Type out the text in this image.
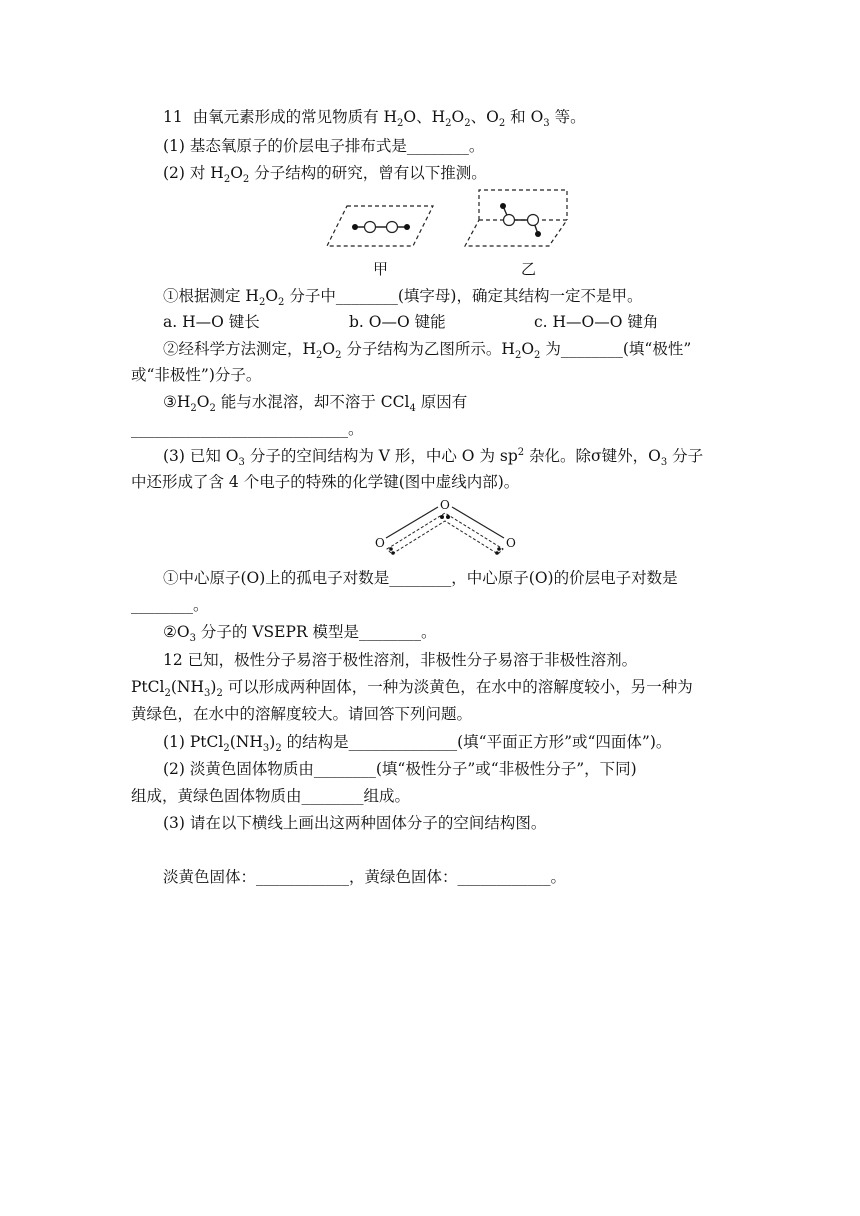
11 由氧元素形成的常见物质有 $H_2O$、$H_2O_2$、$O_2$ 和 $O_3$ 等。
(1) 基态氧原子的价层电子排布式是________。
(2) 对 $H_2O_2$ 分子结构的研究，曾有以下推测。
甲	乙
①根据测定 $H_2O_2$ 分子中________(填字母)，确定其结构一定不是甲。
a. H—O 键长	b. O—O 键能	c. H—O—O 键角
②经科学方法测定，$H_2O_2$ 分子结构为乙图所示。$H_2O_2$ 为________(填“极性”
或“非极性”)分子。
$③H_2O_2$ 能与水混溶，却不溶于 CCl$_4$ 原因有
____________________________。
(3) 已知 $O_3$ 分子的空间结构为 V 形，中心 O 为 $sp^2$ 杂化。除σ键外，$O_3$ 分子
中还形成了含 4 个电子的特殊的化学键(图中虚线内部)。
O
O	O
①中心原子(O)上的孤电子对数是________，中心原子(O)的价层电子对数是
________。
$②O_3$ 分子的 VSEPR 模型是________。
12 已知，极性分子易溶于极性溶剂，非极性分子易溶于非极性溶剂。
$PtCl_2(NH_3)_2$ 可以形成两种固体，一种为淡黄色，在水中的溶解度较小，另一种为
黄绿色，在水中的溶解度较大。请回答下列问题。
(1) $PtCl_2(NH_3)_2$ 的结构是______________(填“平面正方形”或“四面体”)。
(2) 淡黄色固体物质由________(填“极性分子”或“非极性分子”，下同)
组成，黄绿色固体物质由________组成。
(3) 请在以下横线上画出这两种固体分子的空间结构图。
淡黄色固体：____________，黄绿色固体：____________。
